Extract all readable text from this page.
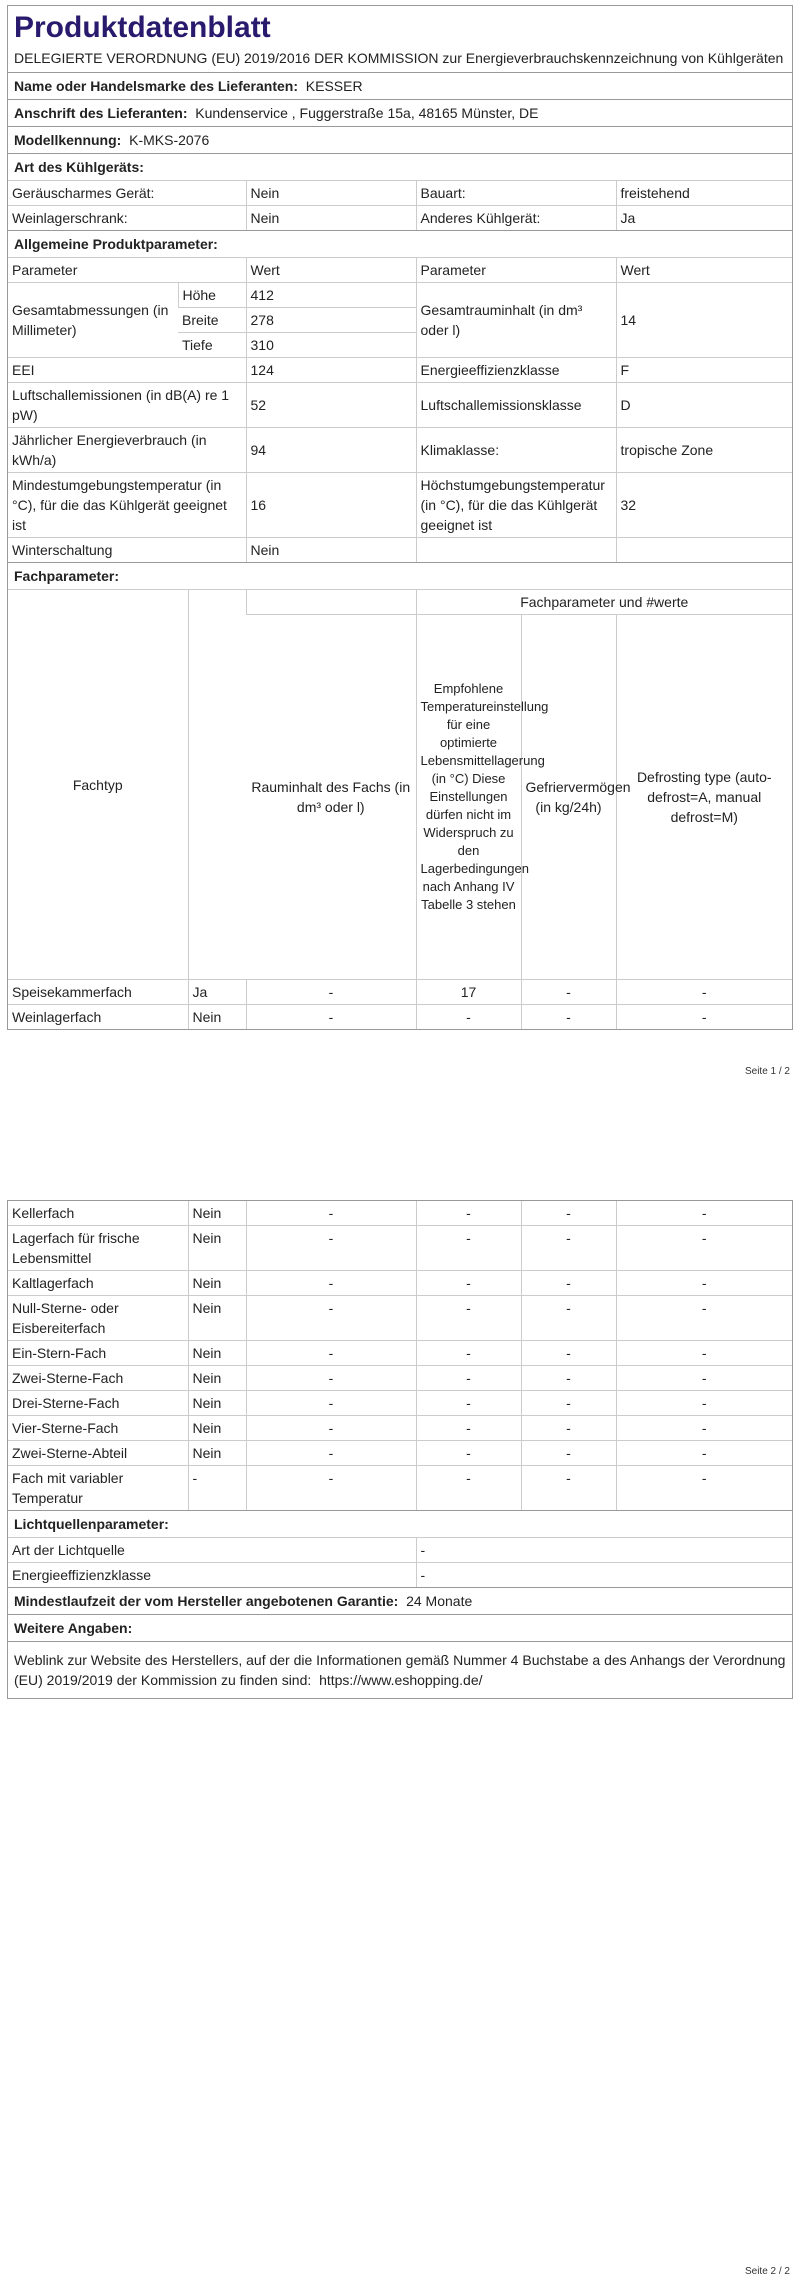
Produktdatenblatt
DELEGIERTE VERORDNUNG (EU) 2019/2016 DER KOMMISSION zur Energieverbrauchskennzeichnung von Kühlgeräten
Name oder Handelsmarke des Lieferanten: KESSER
Anschrift des Lieferanten: Kundenservice , Fuggerstraße 15a, 48165 Münster, DE
Modellkennung: K-MKS-2076
Art des Kühlgeräts:
Geräuscharmes Gerät:	Nein	Bauart:	freistehend
Weinlagerschrank:	Nein	Anderes Kühlgerät:	Ja
Allgemeine Produktparameter:
Parameter		Wert	Parameter	Wert
Gesamtabmessungen (in Millimeter)	Höhe	412	Gesamtrauminhalt (in dm³ oder l)	14
	Breite	278		
	Tiefe	310		
EEI		124	Energieeffizienzklasse	F
Luftschallemissionen (in dB(A) re 1 pW)		52	Luftschallemissionsklasse	D
Jährlicher Energieverbrauch (in kWh/a)		94	Klimaklasse:	tropische Zone
Mindestumgebungstemperatur (in °C), für die das Kühlgerät geeignet ist		16	Höchstumgebungstemperatur (in °C), für die das Kühlgerät geeignet ist	32
Winterschaltung		Nein		
Fachparameter:
Fachtyp			Fachparameter und #werte		
		Rauminhalt des Fachs (in dm³ oder l)	Empfohlene Temperatureinstellung für eine optimierte Lebensmittellagerung (in °C) Diese Einstellungen dürfen nicht im Widerspruch zu den Lagerbedingungen nach Anhang IV Tabelle 3 stehen	Gefriervermögen (in kg/24h)	Defrosting type (auto-defrost=A, manual defrost=M)
Speisekammerfach	Ja	-	17	-	-
Weinlagerfach	Nein	-	-	-	-
Seite 1 / 2
Kellerfach	Nein	-	-	-	-
Lagerfach für frische Lebensmittel	Nein	-	-	-	-
Kaltlagerfach	Nein	-	-	-	-
Null-Sterne- oder Eisbereiterfach	Nein	-	-	-	-
Ein-Stern-Fach	Nein	-	-	-	-
Zwei-Sterne-Fach	Nein	-	-	-	-
Drei-Sterne-Fach	Nein	-	-	-	-
Vier-Sterne-Fach	Nein	-	-	-	-
Zwei-Sterne-Abteil	Nein	-	-	-	-
Fach mit variabler Temperatur	-	-	-	-	-
Lichtquellenparameter:
Art der Lichtquelle	-
Energieeffizienzklasse	-
Mindestlaufzeit der vom Hersteller angebotenen Garantie: 24 Monate
Weitere Angaben:
Weblink zur Website des Herstellers, auf der die Informationen gemäß Nummer 4 Buchstabe a des Anhangs der Verordnung (EU) 2019/2019 der Kommission zu finden sind: https://www.eshopping.de/
Seite 2 / 2
